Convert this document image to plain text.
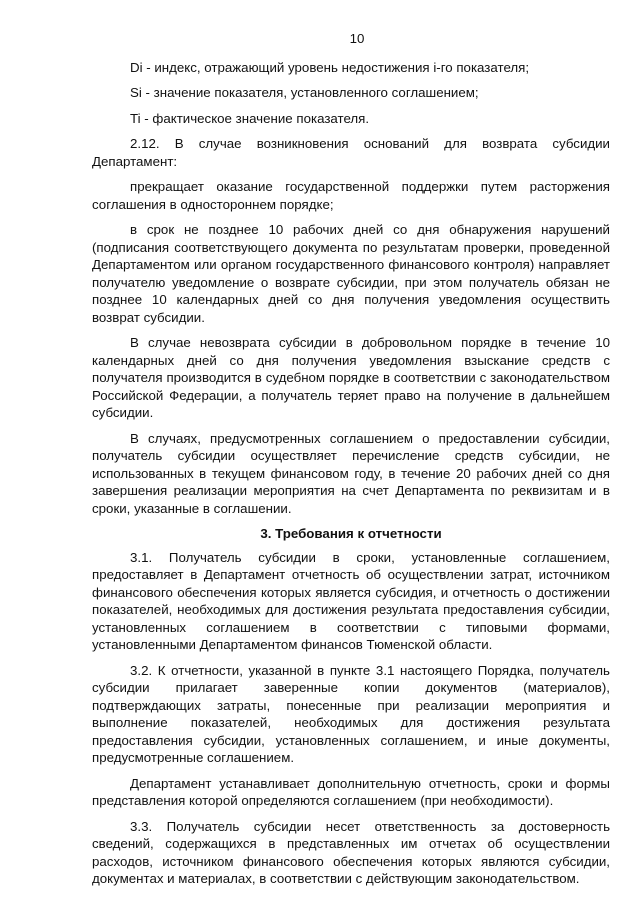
10

Di - индекс, отражающий уровень недостижения i-го показателя;

Si - значение показателя, установленного соглашением;

Ti - фактическое значение показателя.

2.12. В случае возникновения оснований для возврата субсидии Департамент:

прекращает оказание государственной поддержки путем расторжения соглашения в одностороннем порядке;

в срок не позднее 10 рабочих дней со дня обнаружения нарушений (подписания соответствующего документа по результатам проверки, проведенной Департаментом или органом государственного финансового контроля) направляет получателю уведомление о возврате субсидии, при этом получатель обязан не позднее 10 календарных дней со дня получения уведомления осуществить возврат субсидии.

В случае невозврата субсидии в добровольном порядке в течение 10 календарных дней со дня получения уведомления взыскание средств с получателя производится в судебном порядке в соответствии с законодательством Российской Федерации, а получатель теряет право на получение в дальнейшем субсидии.

В случаях, предусмотренных соглашением о предоставлении субсидии, получатель субсидии осуществляет перечисление средств субсидии, не использованных в текущем финансовом году, в течение 20 рабочих дней со дня завершения реализации мероприятия на счет Департамента по реквизитам и в сроки, указанные в соглашении.

3. Требования к отчетности

3.1. Получатель субсидии в сроки, установленные соглашением, предоставляет в Департамент отчетность об осуществлении затрат, источником финансового обеспечения которых является субсидия, и отчетность о достижении показателей, необходимых для достижения результата предоставления субсидии, установленных соглашением в соответствии с типовыми формами, установленными Департаментом финансов Тюменской области.

3.2. К отчетности, указанной в пункте 3.1 настоящего Порядка, получатель субсидии прилагает заверенные копии документов (материалов), подтверждающих затраты, понесенные при реализации мероприятия и выполнение показателей, необходимых для достижения результата предоставления субсидии, установленных соглашением, и иные документы, предусмотренные соглашением.

Департамент устанавливает дополнительную отчетность, сроки и формы представления которой определяются соглашением (при необходимости).

3.3. Получатель субсидии несет ответственность за достоверность сведений, содержащихся в представленных им отчетах об осуществлении расходов, источником финансового обеспечения которых являются субсидии, документах и материалах, в соответствии с действующим законодательством.
